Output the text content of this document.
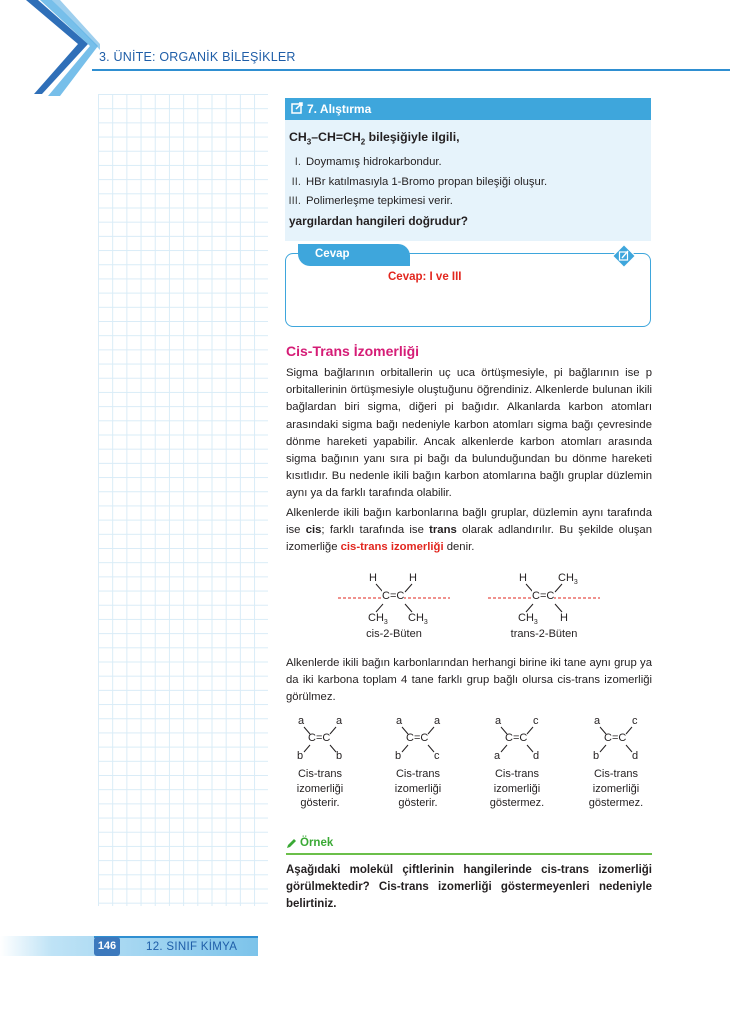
3. ÜNİTE: ORGANİK BİLEŞİKLER
7. Alıştırma
$CH_3-CH=CH_2$ bileşiğiyle ilgili,
I. Doymamış hidrokarbondur.
II. HBr katılmasıyla 1-Bromo propan bileşiği oluşur.
III. Polimerleşme tepkimesi verir.
yargılardan hangileri doğrudur?
Cevap
Cevap: I ve III
Cis-Trans İzomerliği
Sigma bağlarının orbitallerin uç uca örtüşmesiyle, pi bağlarının ise p orbitallerinin örtüşmesiyle oluştuğunu öğrendiniz. Alkenlerde bulunan ikili bağlardan biri sigma, diğeri pi bağıdır. Alkanlarda karbon atomları arasındaki sigma bağı nedeniyle karbon atomları sigma bağı çevresinde dönme hareketi yapabilir. Ancak alkenlerde karbon atomları arasında sigma bağının yanı sıra pi bağı da bulunduğundan bu dönme hareketi kısıtlıdır. Bu nedenle ikili bağın karbon atomlarına bağlı gruplar düzlemin aynı ya da farklı tarafında olabilir.
Alkenlerde ikili bağın karbonlarına bağlı gruplar, düzlemin aynı tarafında ise cis; farklı tarafında ise trans olarak adlandırılır. Bu şekilde oluşan izomerliğe cis-trans izomerliği denir.
H	H
C=C
$CH_3$ $CH_3$
cis-2-Büten
H	$CH_3$
C=C
$CH_3$ H
trans-2-Büten
Alkenlerde ikili bağın karbonlarından herhangi birine iki tane aynı grup ya da iki karbona toplam 4 tane farklı grup bağlı olursa cis-trans izomerliği görülmez.
a	a
C=C
b	b
Cis-trans
izomerliği
gösterir.
a	a
C=C
b	c
Cis-trans
izomerliği
gösterir.
a	c
C=C
a	d
Cis-trans
izomerliği
göstermez.
a	c
C=C
b	d
Cis-trans
izomerliği
göstermez.
Örnek
Aşağıdaki molekül çiftlerinin hangilerinde cis-trans izomerliği görülmektedir? Cis-trans izomerliği göstermeyenleri nedeniyle belirtiniz.
146	12. SINIF KİMYA
